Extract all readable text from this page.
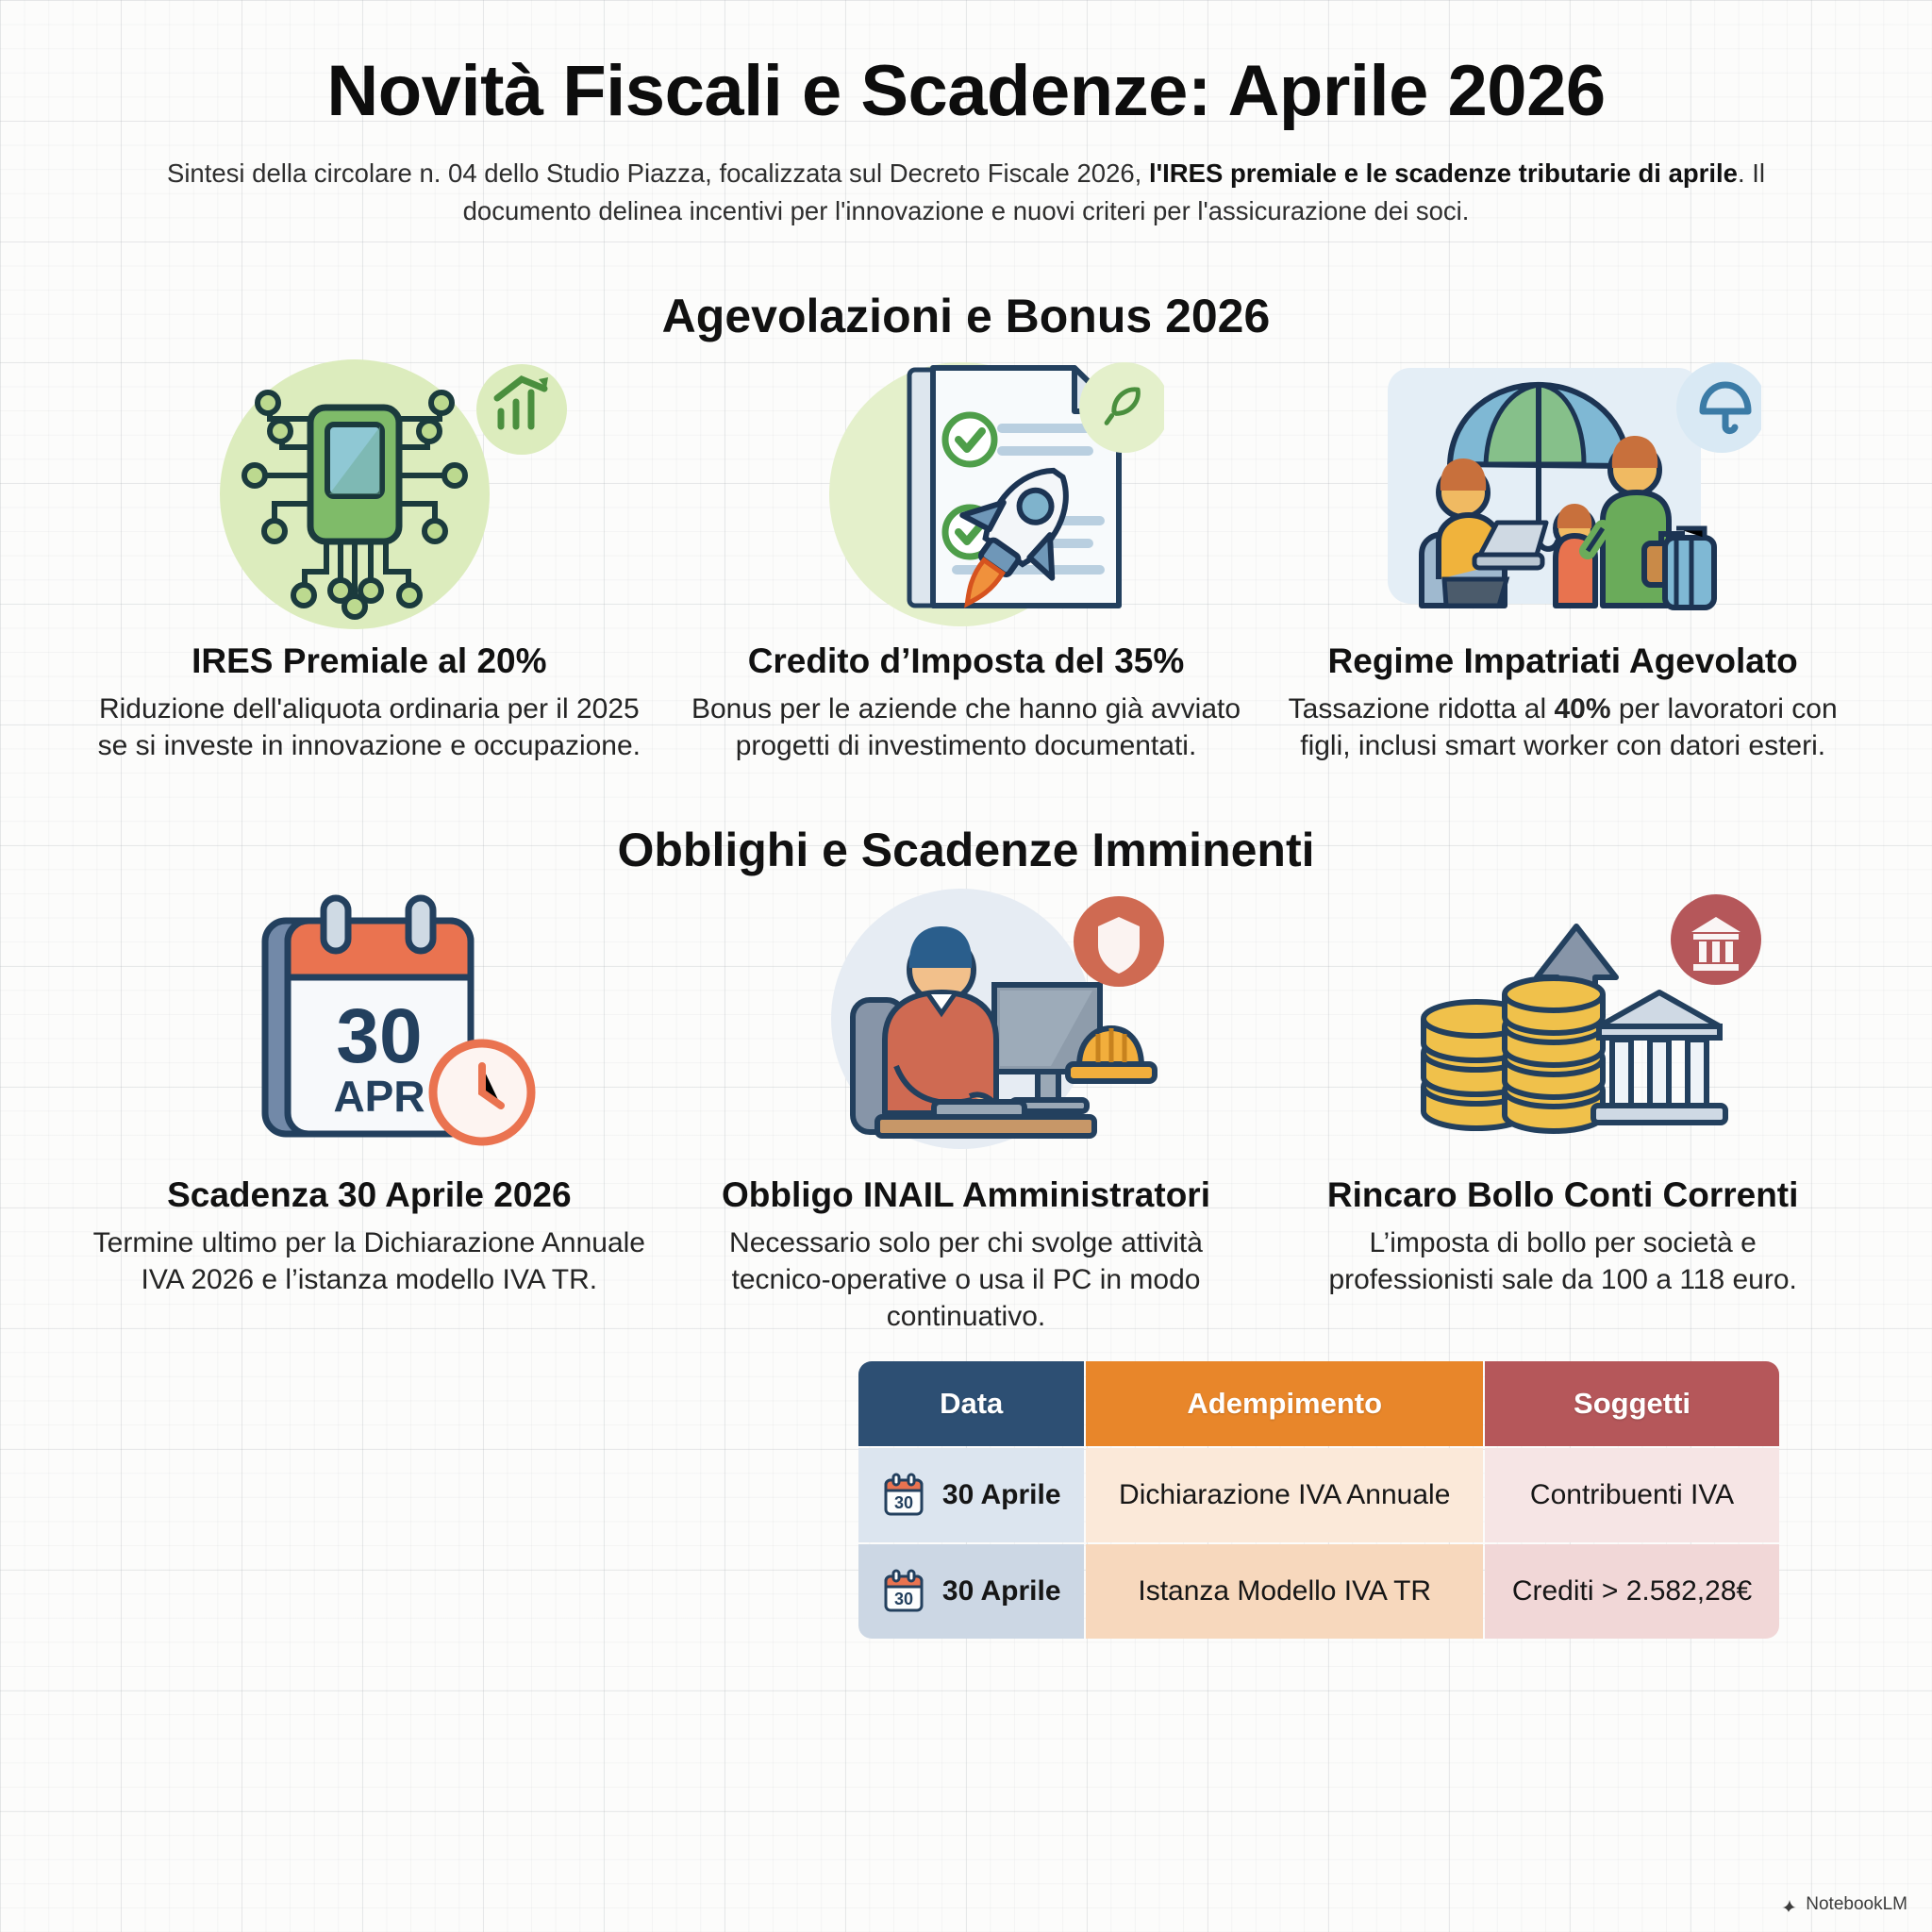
Novità Fiscali e Scadenze: Aprile 2026

Sintesi della circolare n. 04 dello Studio Piazza, focalizzata sul Decreto Fiscale 2026, l'IRES premiale e le scadenze tributarie di aprile. Il documento delinea incentivi per l'innovazione e nuovi criteri per l'assicurazione dei soci.

Agevolazioni e Bonus 2026
IRES Premiale al 20%

Riduzione dell'aliquota ordinaria per il 2025 se si investe in innovazione e occupazione.

Credito d’Imposta del 35%

Bonus per le aziende che hanno già avviato progetti di investimento documentati.

Regime Impatriati Agevolato

Tassazione ridotta al 40% per lavoratori con figli, inclusi smart worker con datori esteri.

Obblighi e Scadenze Imminenti
30
APR
Scadenza 30 Aprile 2026

Termine ultimo per la Dichiarazione Annuale IVA 2026 e l’istanza modello IVA TR.

Obbligo INAIL Amministratori

Necessario solo per chi svolge attività tecnico-operative o usa il PC in modo continuativo.

Rincaro Bollo Conti Correnti

L’imposta di bollo per società e professionisti sale da 100 a 118 euro.

Data	Adempimento	Soggetti

30 30 Aprile	Dichiarazione IVA Annuale	Contribuenti IVA

30 30 Aprile	Istanza Modello IVA TR	Crediti > 2.582,28€
NotebookLM
